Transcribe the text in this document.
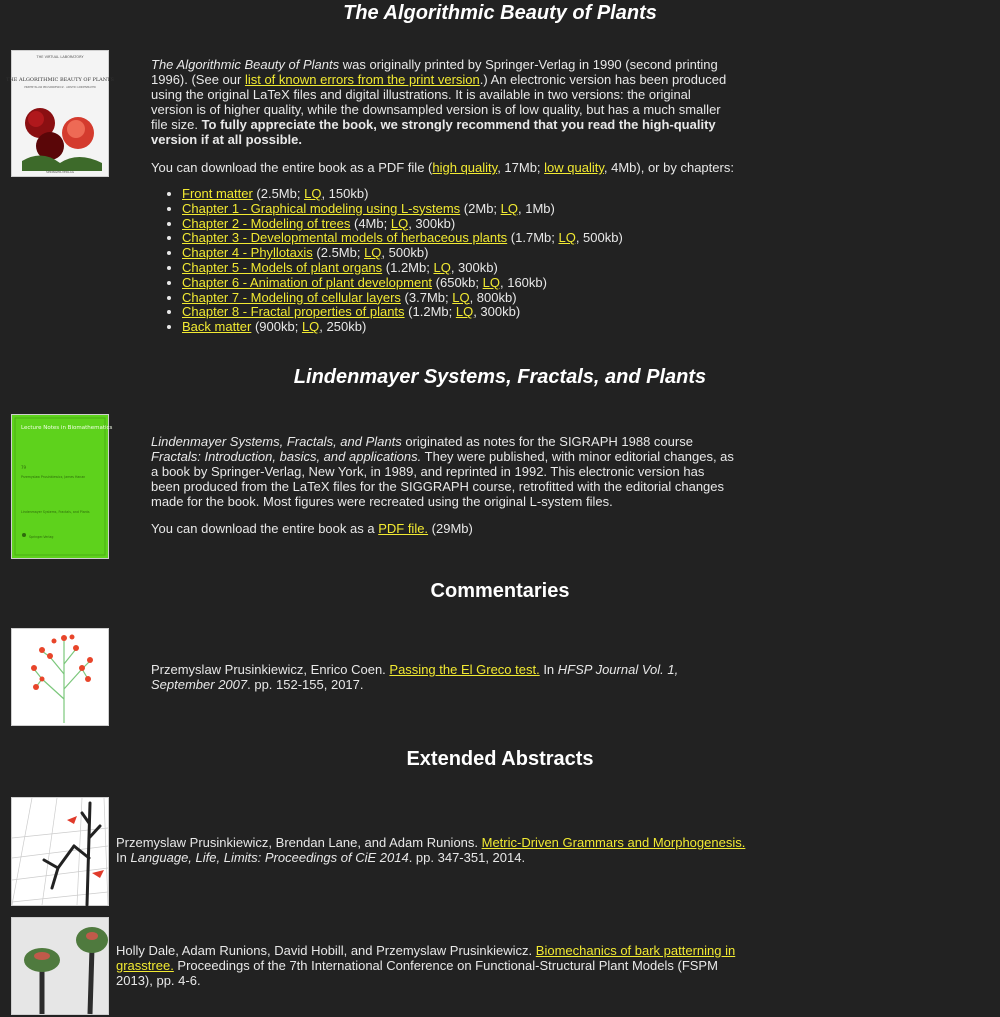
The Algorithmic Beauty of Plants
THE VIRTUAL LABORATORY
THE ALGORITHMIC BEAUTY OF PLANTS
PRZEMYSLAW PRUSINKIEWICZ · ARISTID LINDENMAYER
SPRINGER-VERLAG

The Algorithmic Beauty of Plants was originally printed by Springer-Verlag in 1990 (second printing 1996). (See our list of known errors from the print version.) An electronic version has been produced using the original LaTeX files and digital illustrations. It is available in two versions: the original version is of higher quality, while the downsampled version is of low quality, but has a much smaller file size. To fully appreciate the book, we strongly recommend that you read the high-quality version if at all possible.

You can download the entire book as a PDF file (high quality, 17Mb; low quality, 4Mb), or by chapters:

• Front matter (2.5Mb; LQ, 150kb)
• Chapter 1 - Graphical modeling using L-systems (2Mb; LQ, 1Mb)
• Chapter 2 - Modeling of trees (4Mb; LQ, 300kb)
• Chapter 3 - Developmental models of herbaceous plants (1.7Mb; LQ, 500kb)
• Chapter 4 - Phyllotaxis (2.5Mb; LQ, 500kb)
• Chapter 5 - Models of plant organs (1.2Mb; LQ, 300kb)
• Chapter 6 - Animation of plant development (650kb; LQ, 160kb)
• Chapter 7 - Modeling of cellular layers (3.7Mb; LQ, 800kb)
• Chapter 8 - Fractal properties of plants (1.2Mb; LQ, 300kb)
• Back matter (900kb; LQ, 250kb)
Lindenmayer Systems, Fractals, and Plants
Lecture Notes in Biomathematics
79
Przemyslaw Prusinkiewicz, James Hanan
Lindenmayer Systems, Fractals, and Plants
Springer-Verlag

Lindenmayer Systems, Fractals, and Plants originated as notes for the SIGRAPH 1988 course Fractals: Introduction, basics, and applications. They were published, with minor editorial changes, as a book by Springer-Verlag, New York, in 1989, and reprinted in 1992. This electronic version has been produced from the LaTeX files for the SIGGRAPH course, retrofitted with the editorial changes made for the book. Most figures were recreated using the original L-system files.

You can download the entire book as a PDF file. (29Mb)

Commentaries

Przemyslaw Prusinkiewicz, Enrico Coen. Passing the El Greco test. In HFSP Journal Vol. 1, September 2007. pp. 152-155, 2017.

Extended Abstracts
Przemyslaw Prusinkiewicz, Brendan Lane, and Adam Runions. Metric-Driven Grammars and Morphogenesis. In Language, Life, Limits: Proceedings of CiE 2014. pp. 347-351, 2014.
Holly Dale, Adam Runions, David Hobill, and Przemyslaw Prusinkiewicz. Biomechanics of bark patterning in grasstree. Proceedings of the 7th International Conference on Functional-Structural Plant Models (FSPM 2013), pp. 4-6.
